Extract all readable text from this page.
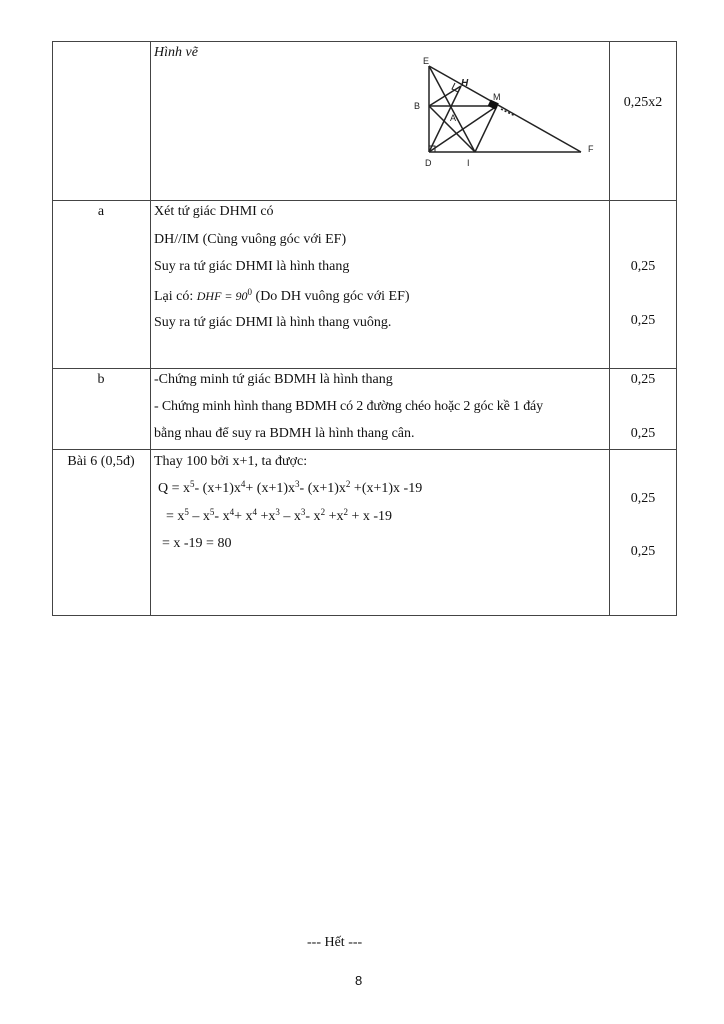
Hình vẽ
E
H
B
M
A
D	I
F
0,25x2
a	Xét tứ giác DHMI có
DH//IM (Cùng vuông góc với EF)
Suy ra tứ giác DHMI là hình thang
Lại có: DHF = $90^0$ (Do DH vuông góc với EF)
Suy ra tứ giác DHMI là hình thang vuông.
0,25
0,25
b	-Chứng minh tứ giác BDMH là hình thang
- Chứng minh hình thang BDMH có 2 đường chéo hoặc 2 góc kề 1 đáy
bằng nhau để suy ra BDMH là hình thang cân.
0,25
0,25
Bài 6 (0,5đ)	Thay 100 bởi x+1, ta được:
$Q = x^5-$ $(x+1)x^4+ (x+1)x^3-$ $(x+1)x^2 +(x+1)x$ -19
= $x^5 - x^5-$ $x^4+ x^4 +x^3 - x^3-$ $x^2 +x^2 + x$ -19
= x -19 = 80
0,25
0,25
--- Hết ---
8
